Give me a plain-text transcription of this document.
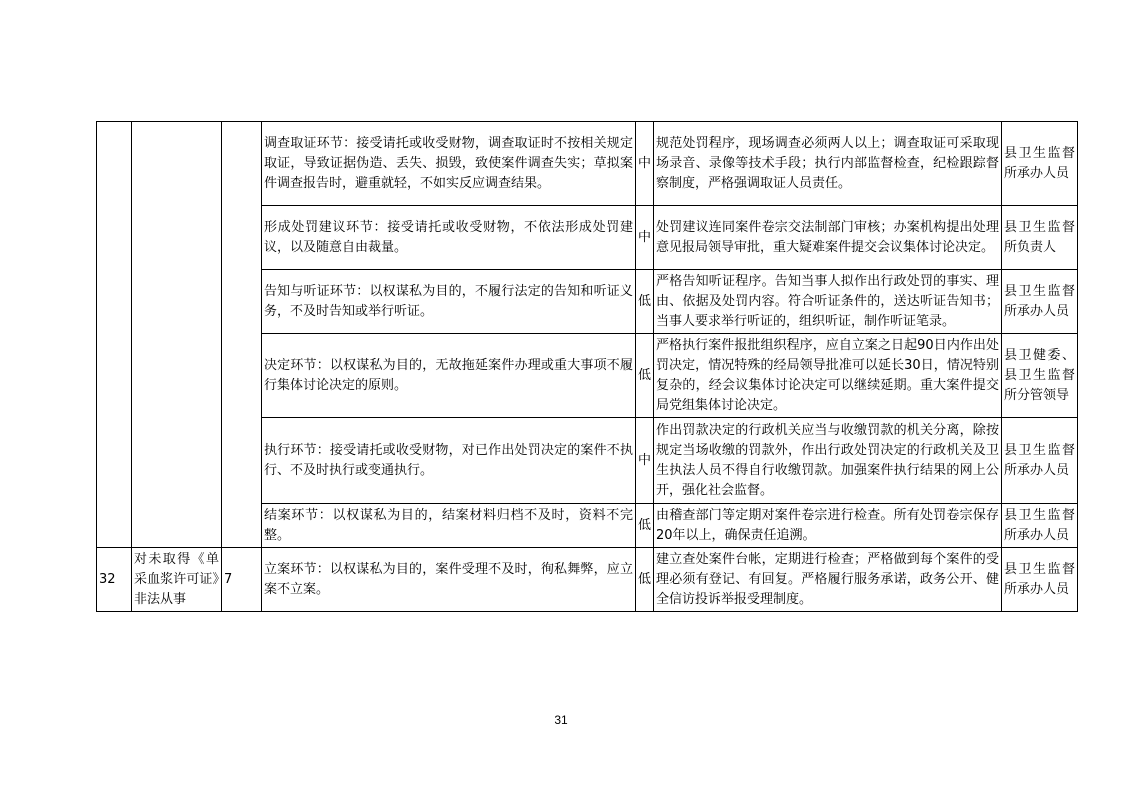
			调查取证环节：接受请托或收受财物，调查取证时不按相关规定取证，导致证据伪造、丢失、损毁，致使案件调查失实；草拟案件调查报告时，避重就轻，不如实反应调查结果。	中	规范处罚程序，现场调查必须两人以上；调查取证可采取现场录音、录像等技术手段；执行内部监督检查，纪检跟踪督察制度，严格强调取证人员责任。	县卫生监督所承办人员
			形成处罚建议环节：接受请托或收受财物，不依法形成处罚建议，以及随意自由裁量。	中	处罚建议连同案件卷宗交法制部门审核；办案机构提出处理意见报局领导审批，重大疑难案件提交会议集体讨论决定。	县卫生监督所负责人
			告知与听证环节：以权谋私为目的，不履行法定的告知和听证义务，不及时告知或举行听证。	低	严格告知听证程序。告知当事人拟作出行政处罚的事实、理由、依据及处罚内容。符合听证条件的，送达听证告知书；当事人要求举行听证的，组织听证，制作听证笔录。	县卫生监督所承办人员
			决定环节：以权谋私为目的，无故拖延案件办理或重大事项不履行集体讨论决定的原则。	低	严格执行案件报批组织程序，应自立案之日起90日内作出处罚决定，情况特殊的经局领导批准可以延长30日，情况特别复杂的，经会议集体讨论决定可以继续延期。重大案件提交局党组集体讨论决定。	县卫健委、县卫生监督所分管领导
			执行环节：接受请托或收受财物，对已作出处罚决定的案件不执行、不及时执行或变通执行。	中	作出罚款决定的行政机关应当与收缴罚款的机关分离，除按规定当场收缴的罚款外，作出行政处罚决定的行政机关及卫生执法人员不得自行收缴罚款。加强案件执行结果的网上公开，强化社会监督。	县卫生监督所承办人员
			结案环节：以权谋私为目的，结案材料归档不及时，资料不完整。	低	由稽查部门等定期对案件卷宗进行检查。所有处罚卷宗保存20年以上，确保责任追溯。	县卫生监督所承办人员
32	对未取得《单采血浆许可证》非法从事	7	立案环节：以权谋私为目的，案件受理不及时，徇私舞弊，应立案不立案。	低	建立查处案件台帐，定期进行检查；严格做到每个案件的受理必须有登记、有回复。严格履行服务承诺，政务公开、健全信访投诉举报受理制度。	县卫生监督所承办人员
31
